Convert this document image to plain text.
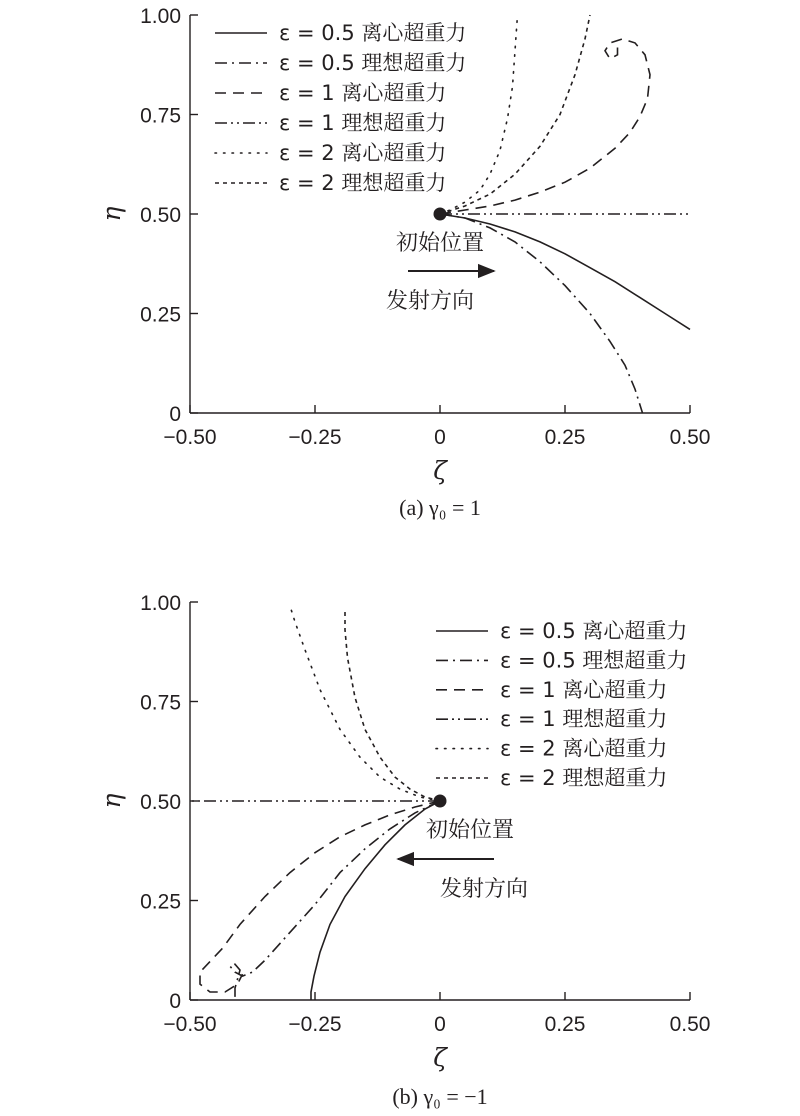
−0.50	−0.25	0	0.25	0.50
0
0.25
0.50
0.75
1.00
ζ
η
初始位置
发射方向
ε = 0.5 离心超重力
ε = 0.5 理想超重力
ε = 1 离心超重力
ε = 1 理想超重力
ε = 2 离心超重力
ε = 2 理想超重力
(a) γ₀ = 1
−0.50	−0.25	0	0.25	0.50
0
0.25
0.50
0.75
1.00
ζ
η
初始位置
发射方向
ε = 0.5 离心超重力
ε = 0.5 理想超重力
ε = 1 离心超重力
ε = 1 理想超重力
ε = 2 离心超重力
ε = 2 理想超重力
(b) γ₀ = −1
